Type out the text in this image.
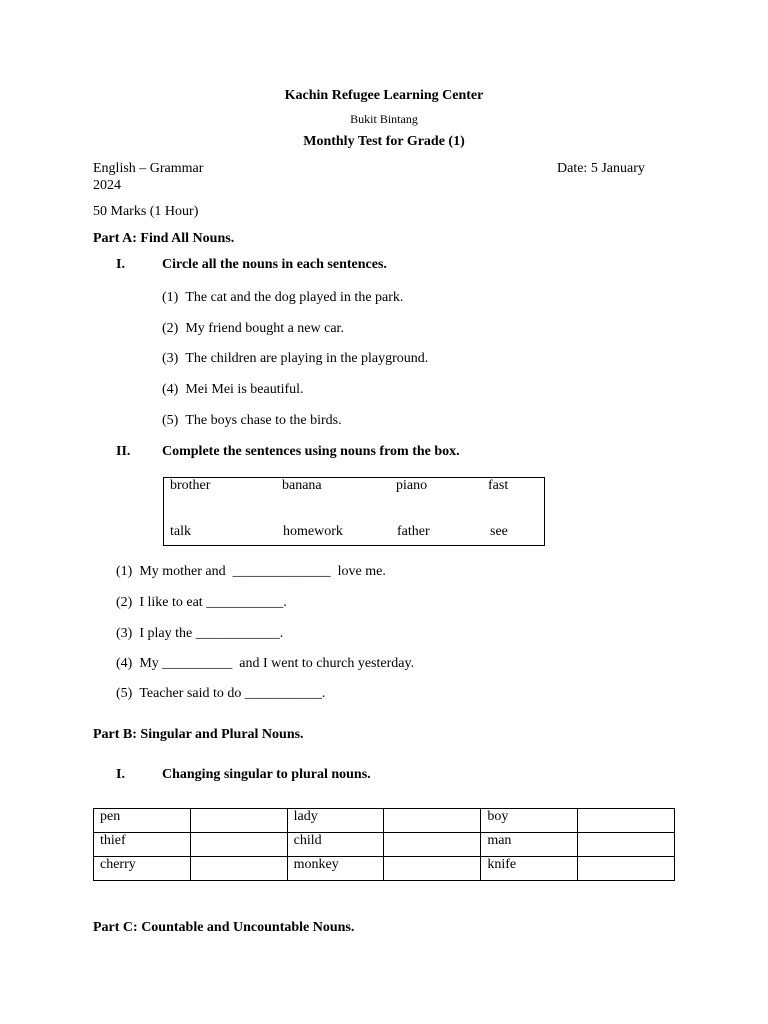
Kachin Refugee Learning Center
Bukit Bintang
Monthly Test for Grade (1)
English – Grammar	Date: 5 January
2024
50 Marks (1 Hour)
Part A: Find All Nouns.
I.	Circle all the nouns in each sentences.
(1) The cat and the dog played in the park.
(2) My friend bought a new car.
(3) The children are playing in the playground.
(4) Mei Mei is beautiful.
(5) The boys chase to the birds.
II. Complete the sentences using nouns from the box.
brother	banana	piano	fast
talk	homework	father	see
(1) My mother and  ______________  love me.
(2) I like to eat ___________.
(3) I play the ____________.
(4) My __________  and I went to church yesterday.
(5) Teacher said to do ___________.
Part B: Singular and Plural Nouns.
I.	Changing singular to plural nouns.
pen		lady		boy	
thief		child		man	
cherry		monkey		knife	
Part C: Countable and Uncountable Nouns.
